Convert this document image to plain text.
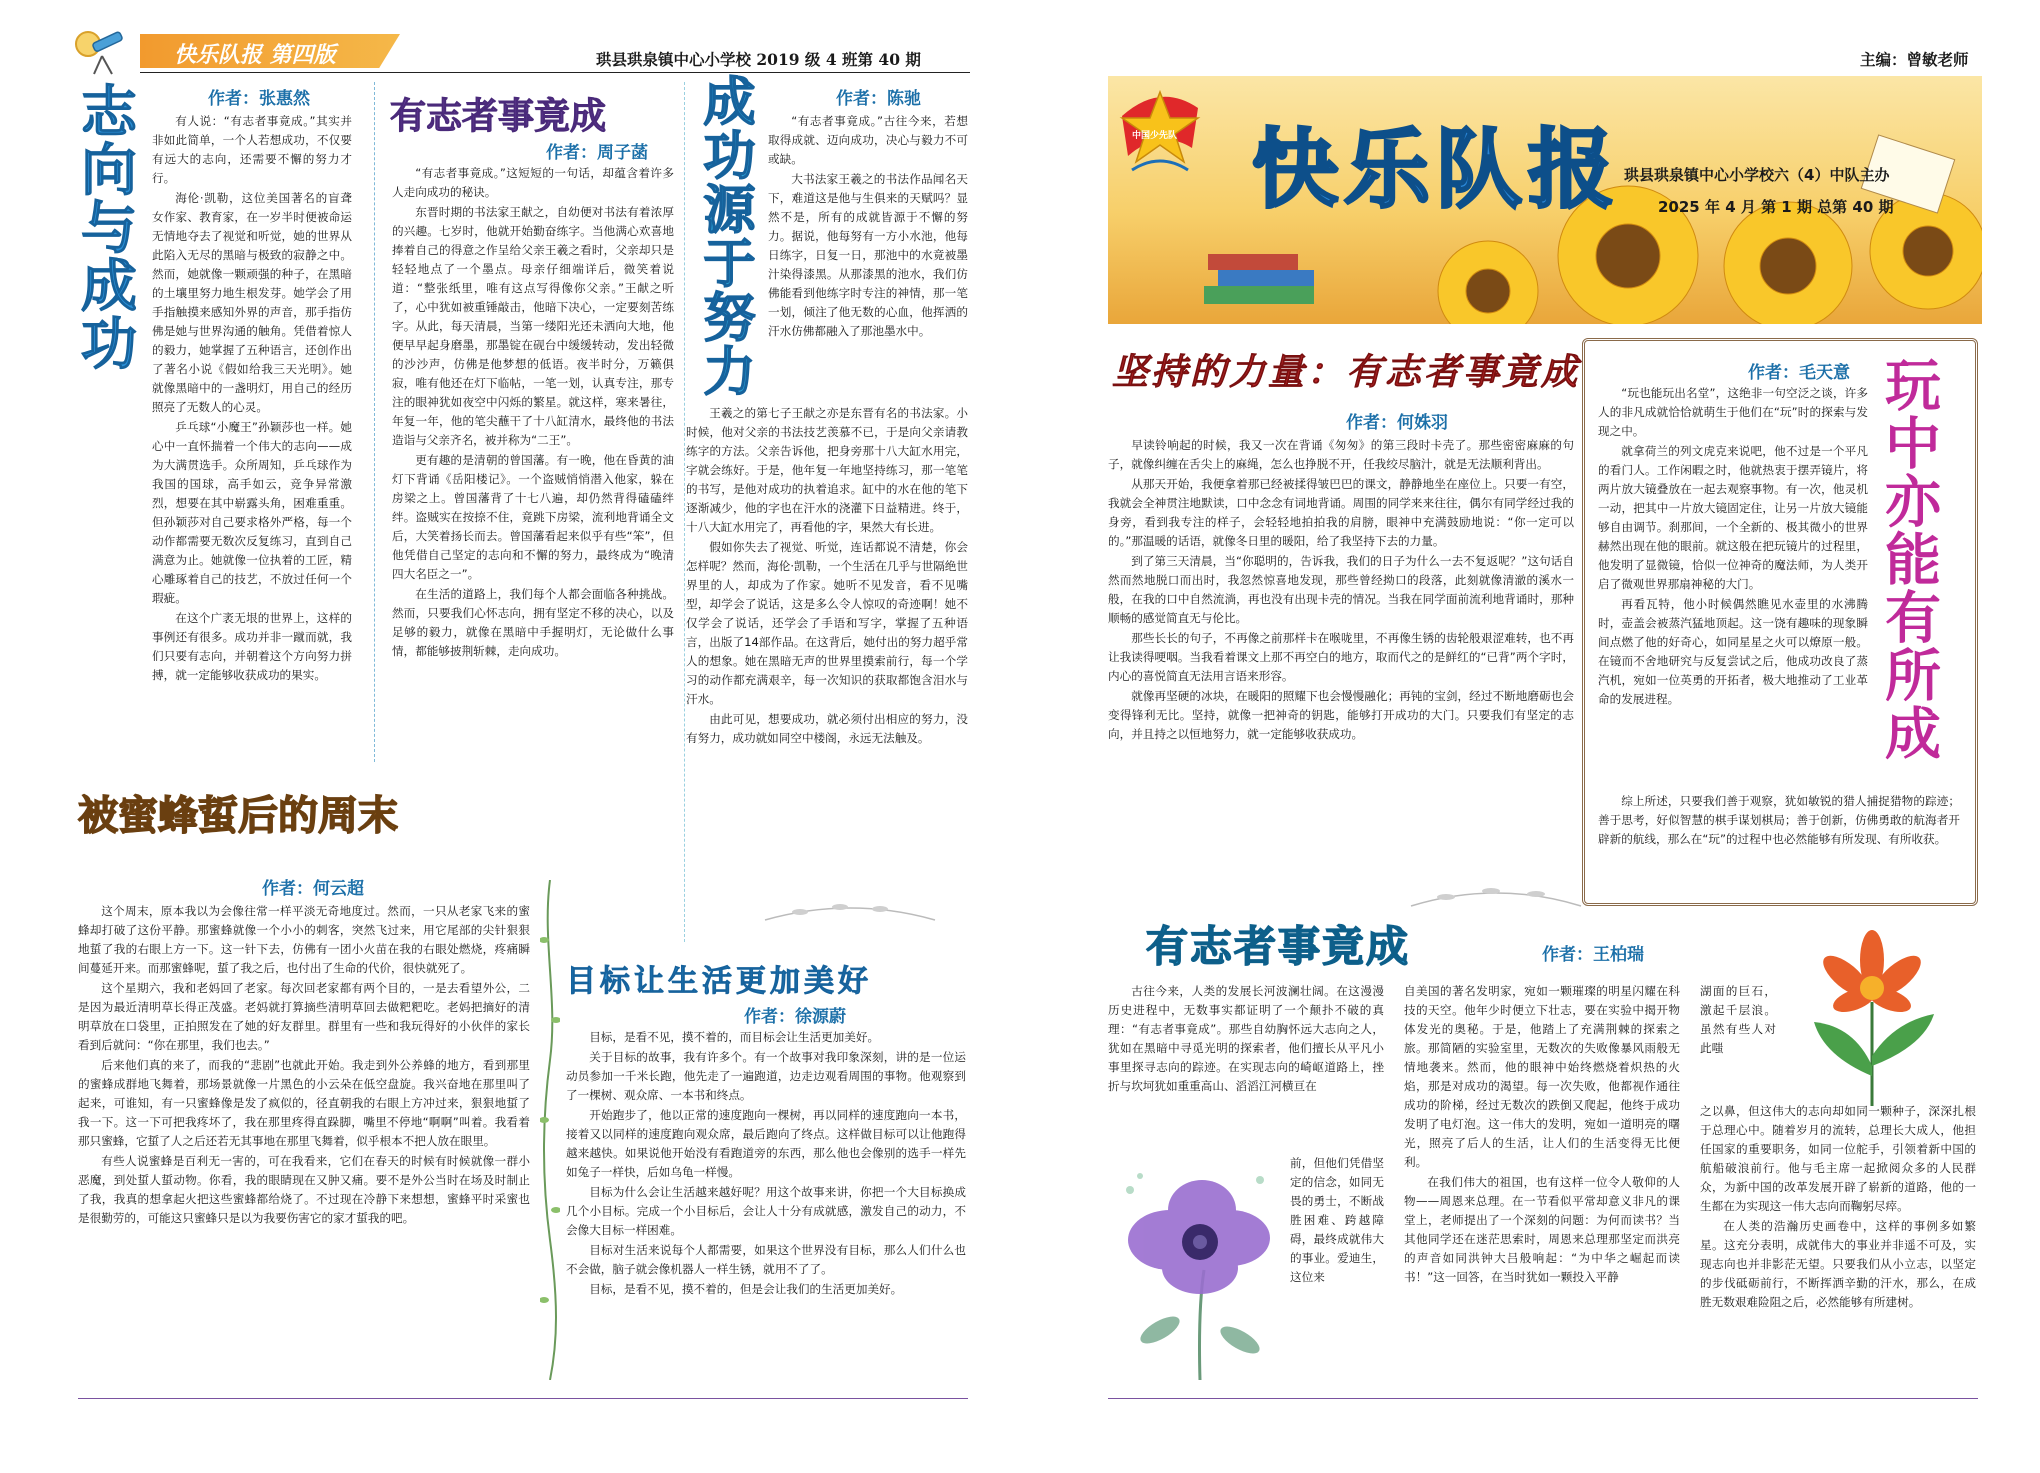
快乐队报 第四版	珙县珙泉镇中心小学校 2019 级 4 班第 40 期
志向与成功	作者：张惠然

有人说：“有志者事竟成。”其实并非如此简单，一个人若想成功，不仅要有远大的志向，还需要不懈的努力才行。

海伦·凯勒，这位美国著名的盲聋女作家、教育家，在一岁半时便被命运无情地夺去了视觉和听觉，她的世界从此陷入无尽的黑暗与极致的寂静之中。然而，她就像一颗顽强的种子，在黑暗的土壤里努力地生根发芽。她学会了用手指触摸来感知外界的声音，那手指仿佛是她与世界沟通的触角。凭借着惊人的毅力，她掌握了五种语言，还创作出了著名小说《假如给我三天光明》。她就像黑暗中的一盏明灯，用自己的经历照亮了无数人的心灵。

乒乓球“小魔王”孙颖莎也一样。她心中一直怀揣着一个伟大的志向——成为大满贯选手。众所周知，乒乓球作为我国的国球，高手如云，竞争异常激烈，想要在其中崭露头角，困难重重。但孙颖莎对自己要求格外严格，每一个动作都需要无数次反复练习，直到自己满意为止。她就像一位执着的工匠，精心雕琢着自己的技艺，不放过任何一个瑕疵。

在这个广袤无垠的世界上，这样的事例还有很多。成功并非一蹴而就，我们只要有志向，并朝着这个方向努力拼搏，就一定能够收获成功的果实。

有志者事竟成
作者：周子菡

“有志者事竟成。”这短短的一句话，却蕴含着许多人走向成功的秘诀。

东晋时期的书法家王献之，自幼便对书法有着浓厚的兴趣。七岁时，他就开始勤奋练字。当他满心欢喜地捧着自己的得意之作呈给父亲王羲之看时，父亲却只是轻轻地点了一个墨点。母亲仔细端详后，微笑着说道：“整张纸里，唯有这点写得像你父亲。”王献之听了，心中犹如被重锤敲击，他暗下决心，一定要刻苦练字。从此，每天清晨，当第一缕阳光还未洒向大地，他便早早起身磨墨，那墨锭在砚台中缓缓转动，发出轻微的沙沙声，仿佛是他梦想的低语。夜半时分，万籁俱寂，唯有他还在灯下临帖，一笔一划，认真专注，那专注的眼神犹如夜空中闪烁的繁星。就这样，寒来暑往，年复一年，他的笔尖蘸干了十八缸清水，最终他的书法造诣与父亲齐名，被并称为“二王”。

更有趣的是清朝的曾国藩。有一晚，他在昏黄的油灯下背诵《岳阳楼记》。一个盗贼悄悄潜入他家，躲在房梁之上。曾国藩背了十七八遍，却仍然背得磕磕绊绊。盗贼实在按捺不住，竟跳下房梁，流利地背诵全文后，大笑着扬长而去。曾国藩看起来似乎有些“笨”，但他凭借自己坚定的志向和不懈的努力，最终成为“晚清四大名臣之一”。

在生活的道路上，我们每个人都会面临各种挑战。然而，只要我们心怀志向，拥有坚定不移的决心，以及足够的毅力，就像在黑暗中手握明灯，无论做什么事情，都能够披荆斩棘，走向成功。

成功源于努力	作者：陈驰

“有志者事竟成。”古往今来，若想取得成就、迈向成功，决心与毅力不可或缺。

大书法家王羲之的书法作品闻名天下，难道这是他与生俱来的天赋吗？显然不是，所有的成就皆源于不懈的努力。据说，他每努有一方小水池，他每日练字，日复一日，那池中的水竟被墨汁染得漆黑。从那漆黑的池水，我们仿佛能看到他练字时专注的神情，那一笔一划，倾注了他无数的心血，他挥洒的汗水仿佛都融入了那池墨水中。

王羲之的第七子王献之亦是东晋有名的书法家。小时候，他对父亲的书法技艺羡慕不已，于是向父亲请教练字的方法。父亲告诉他，把身旁那十八大缸水用完，字就会练好。于是，他年复一年地坚持练习，那一笔笔的书写，是他对成功的执着追求。缸中的水在他的笔下逐渐减少，他的字也在汗水的浇灌下日益精进。终于，十八大缸水用完了，再看他的字，果然大有长进。

假如你失去了视觉、听觉，连话都说不清楚，你会怎样呢？然而，海伦·凯勒，一个生活在几乎与世隔绝世界里的人，却成为了作家。她听不见发音，看不见嘴型，却学会了说话，这是多么令人惊叹的奇迹啊！她不仅学会了说话，还学会了手语和写字，掌握了五种语言，出版了14部作品。在这背后，她付出的努力超乎常人的想象。她在黑暗无声的世界里摸索前行，每一个学习的动作都充满艰辛，每一次知识的获取都饱含泪水与汗水。

由此可见，想要成功，就必须付出相应的努力，没有努力，成功就如同空中楼阁，永远无法触及。

被蜜蜂蜇后的周末
作者：何云超

这个周末，原本我以为会像往常一样平淡无奇地度过。然而，一只从老家飞来的蜜蜂却打破了这份平静。那蜜蜂就像一个小小的刺客，突然飞过来，用它尾部的尖针狠狠地蜇了我的右眼上方一下。这一针下去，仿佛有一团小火苗在我的右眼处燃烧，疼痛瞬间蔓延开来。而那蜜蜂呢，蜇了我之后，也付出了生命的代价，很快就死了。

这个星期六，我和老妈回了老家。每次回老家都有两个目的，一是去看望外公，二是因为最近清明草长得正茂盛。老妈就打算摘些清明草回去做粑粑吃。老妈把摘好的清明草放在口袋里，正拍照发在了她的好友群里。群里有一些和我玩得好的小伙伴的家长看到后就问：“你在那里，我们也去。”

后来他们真的来了，而我的“悲剧”也就此开始。我走到外公养蜂的地方，看到那里的蜜蜂成群地飞舞着，那场景就像一片黑色的小云朵在低空盘旋。我兴奋地在那里叫了起来，可谁知，有一只蜜蜂像是发了疯似的，径直朝我的右眼上方冲过来，狠狠地蜇了我一下。这一下可把我疼坏了，我在那里疼得直跺脚，嘴里不停地“啊啊”叫着。我看着那只蜜蜂，它蜇了人之后还若无其事地在那里飞舞着，似乎根本不把人放在眼里。

有些人说蜜蜂是百利无一害的，可在我看来，它们在春天的时候有时候就像一群小恶魔，到处蜇人蜇动物。你看，我的眼睛现在又肿又痛。要不是外公当时在场及时制止了我，我真的想拿起火把这些蜜蜂都给烧了。不过现在冷静下来想想，蜜蜂平时采蜜也是很勤劳的，可能这只蜜蜂只是以为我要伤害它的家才蜇我的吧。

目标让生活更加美好
作者：徐源蔚

目标，是看不见，摸不着的，而目标会让生活更加美好。

关于目标的故事，我有许多个。有一个故事对我印象深刻，讲的是一位运动员参加一千米长跑，他先走了一遍跑道，边走边观看周围的事物。他观察到了一棵树、观众席、一本书和终点。

开始跑步了，他以正常的速度跑向一棵树，再以同样的速度跑向一本书，接着又以同样的速度跑向观众席，最后跑向了终点。这样做目标可以让他跑得越来越快。如果说他开始没有看跑道旁的东西，那么他也会像别的选手一样先如兔子一样快，后如乌龟一样慢。

目标为什么会让生活越来越好呢？用这个故事来讲，你把一个大目标换成几个小目标。完成一个小目标后，会让人十分有成就感，激发自己的动力，不会像大目标一样困难。

目标对生活来说每个人都需要，如果这个世界没有目标，那么人们什么也不会做，脑子就会像机器人一样生锈，就用不了了。

目标，是看不见，摸不着的，但是会让我们的生活更加美好。

主编：曾敏老师
中国少先队 快乐队报 珙县珙泉镇中心小学校六（4）中队主办
2025 年 4 月 第 1 期 总第 40 期
坚持的力量：有志者事竟成
作者：何姝羽

早读铃响起的时候，我又一次在背诵《匆匆》的第三段时卡壳了。那些密密麻麻的句子，就像纠缠在舌尖上的麻绳，怎么也挣脱不开，任我绞尽脑汁，就是无法顺利背出。

从那天开始，我便拿着那已经被揉得皱巴巴的课文，静静地坐在座位上。只要一有空，我就会全神贯注地默读，口中念念有词地背诵。周围的同学来来往往，偶尔有同学经过我的身旁，看到我专注的样子，会轻轻地拍拍我的肩膀，眼神中充满鼓励地说：“你一定可以的。”那温暖的话语，就像冬日里的暖阳，给了我坚持下去的力量。

到了第三天清晨，当“你聪明的，告诉我，我们的日子为什么一去不复返呢？”这句话自然而然地脱口而出时，我忽然惊喜地发现，那些曾经拗口的段落，此刻就像清澈的溪水一般，在我的口中自然流淌，再也没有出现卡壳的情况。当我在同学面前流利地背诵时，那种顺畅的感觉简直无与伦比。

那些长长的句子，不再像之前那样卡在喉咙里，不再像生锈的齿轮般艰涩难转，也不再让我读得哽咽。当我看着课文上那不再空白的地方，取而代之的是鲜红的“已背”两个字时，内心的喜悦简直无法用言语来形容。

就像再坚硬的冰块，在暖阳的照耀下也会慢慢融化；再钝的宝剑，经过不断地磨砺也会变得锋利无比。坚持，就像一把神奇的钥匙，能够打开成功的大门。只要我们有坚定的志向，并且持之以恒地努力，就一定能够收获成功。

作者：毛天意 玩中亦能有所成

“玩也能玩出名堂”，这绝非一句空泛之谈，许多人的非凡成就恰恰就萌生于他们在“玩”时的探索与发现之中。

就拿荷兰的列文虎克来说吧，他不过是一个平凡的看门人。工作闲暇之时，他就热衷于摆弄镜片，将两片放大镜叠放在一起去观察事物。有一次，他灵机一动，把其中一片放大镜固定住，让另一片放大镜能够自由调节。刹那间，一个全新的、极其微小的世界赫然出现在他的眼前。就这般在把玩镜片的过程里，他发明了显微镜，恰似一位神奇的魔法师，为人类开启了微观世界那扇神秘的大门。

再看瓦特，他小时候偶然瞧见水壶里的水沸腾时，壶盖会被蒸汽猛地顶起。这一饶有趣味的现象瞬间点燃了他的好奇心，如同星星之火可以燎原一般。在镜而不舍地研究与反复尝试之后，他成功改良了蒸汽机，宛如一位英勇的开拓者，极大地推动了工业革命的发展进程。

综上所述，只要我们善于观察，犹如敏锐的猎人捕捉猎物的踪迹；善于思考，好似智慧的棋手谋划棋局；善于创新，仿佛勇敢的航海者开辟新的航线，那么在“玩”的过程中也必然能够有所发现、有所收获。

有志者事竟成	作者：王柏瑞

古往今来，人类的发展长河波澜壮阔。在这漫漫历史进程中，无数事实都证明了一个颠扑不破的真理：“有志者事竟成”。那些自幼胸怀远大志向之人，犹如在黑暗中寻觅光明的探索者，他们擅长从平凡小事里探寻志向的踪迹。在实现志向的崎岖道路上，挫折与坎坷犹如重重高山、滔滔江河横亘在

前，但他们凭借坚定的信念，如同无畏的勇士，不断战胜困难、跨越障碍，最终成就伟大的事业。爱迪生，这位来

自美国的著名发明家，宛如一颗璀璨的明星闪耀在科技的天空。他年少时便立下壮志，要在实验中揭开物体发光的奥秘。于是，他踏上了充满荆棘的探索之旅。那简陋的实验室里，无数次的失败像暴风雨般无情地袭来。然而，他的眼神中始终燃烧着炽热的火焰，那是对成功的渴望。每一次失败，他都视作通往成功的阶梯，经过无数次的跌倒又爬起，他终于成功发明了电灯泡。这一伟大的发明，宛如一道明亮的曙光，照亮了后人的生活，让人们的生活变得无比便利。

在我们伟大的祖国，也有这样一位令人敬仰的人物——周恩来总理。在一节看似平常却意义非凡的课堂上，老师提出了一个深刻的问题：为何而读书？当其他同学还在迷茫思索时，周恩来总理那坚定而洪亮的声音如同洪钟大吕般响起：“为中华之崛起而读书！”这一回答，在当时犹如一颗投入平静

湖面的巨石，激起千层浪。虽然有些人对此嗤

之以鼻，但这伟大的志向却如同一颗种子，深深扎根于总理心中。随着岁月的流转，总理长大成人，他担任国家的重要职务，如同一位舵手，引领着新中国的航船破浪前行。他与毛主席一起掀阅众多的人民群众，为新中国的改革发展开辟了崭新的道路，他的一生都在为实现这一伟大志向而鞠躬尽瘁。

在人类的浩瀚历史画卷中，这样的事例多如繁星。这充分表明，成就伟大的事业并非遥不可及，实现志向也并非影茫无望。只要我们从小立志，以坚定的步伐砥砺前行，不断挥洒辛勤的汗水，那么，在成胜无数艰难险阻之后，必然能够有所建树。
